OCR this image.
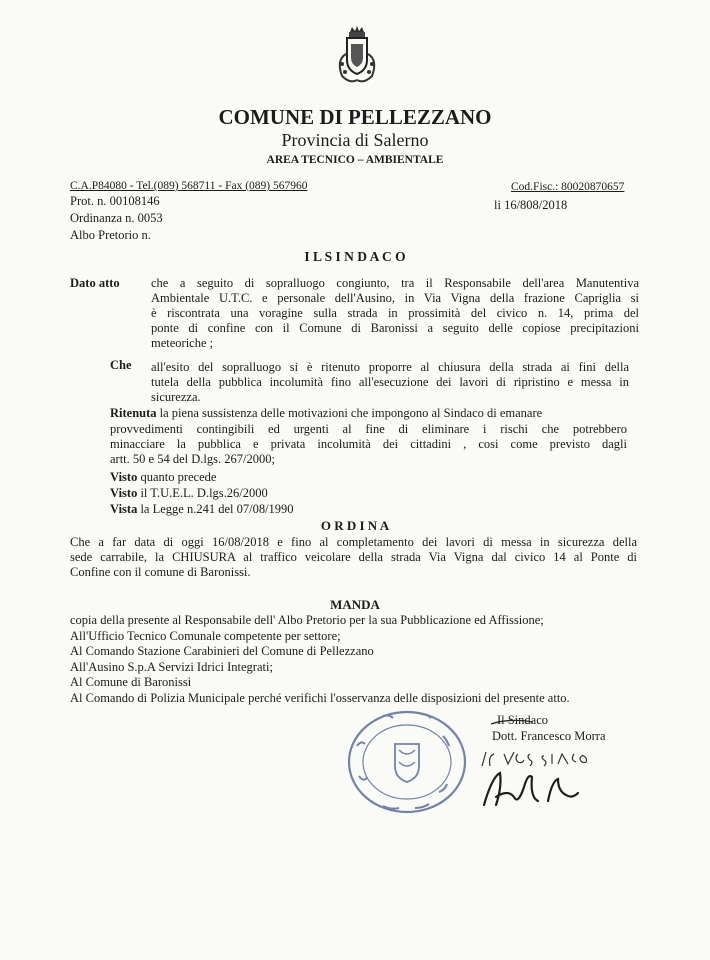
COMUNE DI PELLEZZANO
Provincia di Salerno
AREA TECNICO – AMBIENTALE
C.A.P84080 - Tel.(089) 568711 - Fax (089) 567960	Cod.Fisc.: 80020870657
Prot. n. 00108146	li 16/808/2018
Ordinanza n. 0053
Albo Pretorio n.
I L S I N D A C O
Dato atto	che a seguito di sopralluogo congiunto, tra il Responsabile dell'area Manutentiva
Ambientale U.T.C. e personale dell'Ausino, in Via Vigna della frazione Capriglia si
è riscontrata una voragine sulla strada in prossimità del civico n. 14, prima del
ponte di confine con il Comune di Baronissi a seguito delle copiose precipitazioni
meteoriche ;
Che all'esito del sopralluogo si è ritenuto proporre al chiusura della strada ai fini della
tutela della pubblica incolumità fino all'esecuzione dei lavori di ripristino e messa in
sicurezza.
Ritenuta la piena sussistenza delle motivazioni che impongono al Sindaco di emanare
provvedimenti contingibili ed urgenti al fine di eliminare i rischi che potrebbero
minacciare la pubblica e privata incolumità dei cittadini , cosi come previsto dagli
artt. 50 e 54 del D.lgs. 267/2000;
Visto quanto precede
Visto il T.U.E.L. D.lgs.26/2000
Vista la Legge n.241 del 07/08/1990
O R D I N A
Che a far data di oggi 16/08/2018 e fino al completamento dei lavori di messa in sicurezza della
sede carrabile, la CHIUSURA al traffico veicolare della strada Via Vigna dal civico 14 al Ponte di
Confine con il comune di Baronissi.
MANDA
copia della presente al Responsabile dell' Albo Pretorio per la sua Pubblicazione ed Affissione;
All'Ufficio Tecnico Comunale competente per settore;
Al Comando Stazione Carabinieri del Comune di Pellezzano
All'Ausino S.p.A Servizi Idrici Integrati;
Al Comune di Baronissi
Al Comando di Polizia Municipale perché verifichi l'osservanza delle disposizioni del presente atto.
Il Sindaco
Dott. Francesco Morra
